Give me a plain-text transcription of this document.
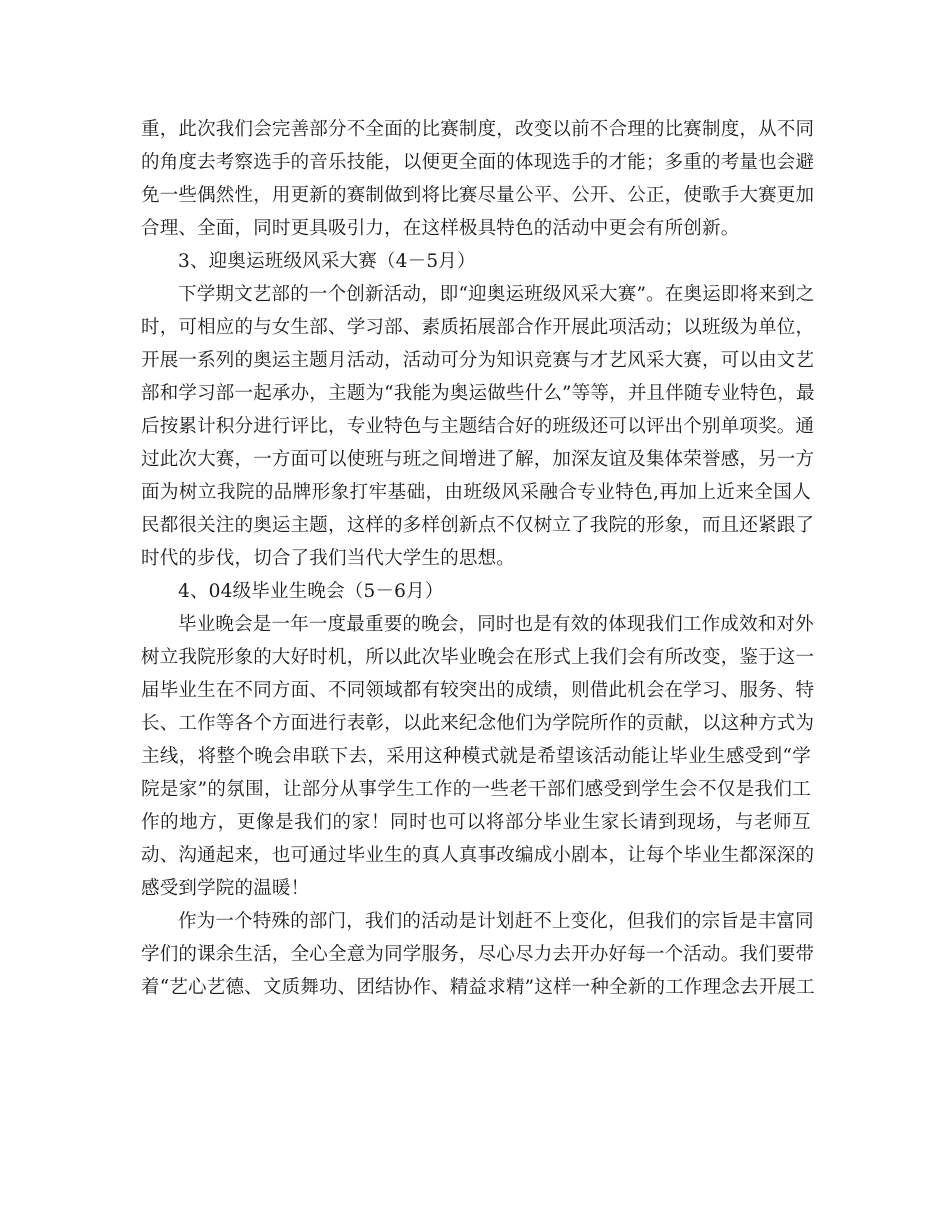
重，此次我们会完善部分不全面的比赛制度，改变以前不合理的比赛制度，从不同
的角度去考察选手的音乐技能，以便更全面的体现选手的才能；多重的考量也会避
免一些偶然性，用更新的赛制做到将比赛尽量公平、公开、公正，使歌手大赛更加
合理、全面，同时更具吸引力，在这样极具特色的活动中更会有所创新。
3、迎奥运班级风采大赛（4－5月）
下学期文艺部的一个创新活动，即“迎奥运班级风采大赛”。在奥运即将来到之
时，可相应的与女生部、学习部、素质拓展部合作开展此项活动；以班级为单位，
开展一系列的奥运主题月活动，活动可分为知识竞赛与才艺风采大赛，可以由文艺
部和学习部一起承办，主题为“我能为奥运做些什么”等等，并且伴随专业特色，最
后按累计积分进行评比，专业特色与主题结合好的班级还可以评出个别单项奖。通
过此次大赛，一方面可以使班与班之间增进了解，加深友谊及集体荣誉感，另一方
面为树立我院的品牌形象打牢基础，由班级风采融合专业特色,再加上近来全国人
民都很关注的奥运主题，这样的多样创新点不仅树立了我院的形象，而且还紧跟了
时代的步伐，切合了我们当代大学生的思想。
4、04级毕业生晚会（5－6月）
毕业晚会是一年一度最重要的晚会，同时也是有效的体现我们工作成效和对外
树立我院形象的大好时机，所以此次毕业晚会在形式上我们会有所改变，鉴于这一
届毕业生在不同方面、不同领域都有较突出的成绩，则借此机会在学习、服务、特
长、工作等各个方面进行表彰，以此来纪念他们为学院所作的贡献，以这种方式为
主线，将整个晚会串联下去，采用这种模式就是希望该活动能让毕业生感受到“学
院是家”的氛围，让部分从事学生工作的一些老干部们感受到学生会不仅是我们工
作的地方，更像是我们的家！同时也可以将部分毕业生家长请到现场，与老师互
动、沟通起来，也可通过毕业生的真人真事改编成小剧本，让每个毕业生都深深的
感受到学院的温暖！
作为一个特殊的部门，我们的活动是计划赶不上变化，但我们的宗旨是丰富同
学们的课余生活，全心全意为同学服务，尽心尽力去开办好每一个活动。我们要带
着“艺心艺德、文质舞功、团结协作、精益求精”这样一种全新的工作理念去开展工
